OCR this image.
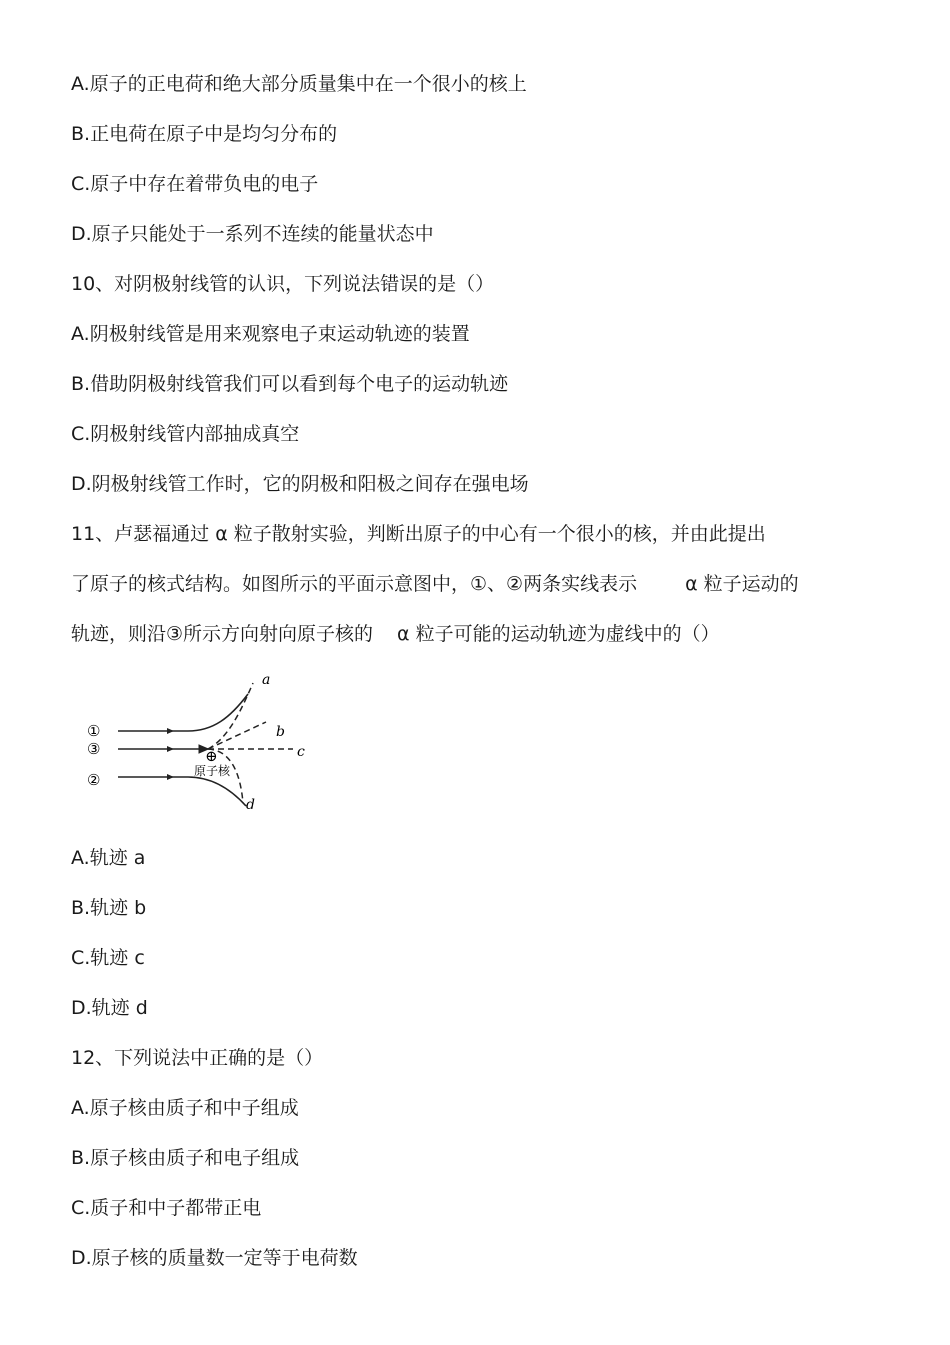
A.原子的正电荷和绝大部分质量集中在一个很小的核上
B.正电荷在原子中是均匀分布的
C.原子中存在着带负电的电子
D.原子只能处于一系列不连续的能量状态中
10、对阴极射线管的认识，下列说法错误的是（）
A.阴极射线管是用来观察电子束运动轨迹的装置
B.借助阴极射线管我们可以看到每个电子的运动轨迹
C.阴极射线管内部抽成真空
D.阴极射线管工作时，它的阴极和阳极之间存在强电场
11、卢瑟福通过 α 粒子散射实验，判断出原子的中心有一个很小的核，并由此提出
了原子的核式结构。如图所示的平面示意图中，①、②两条实线表示	α 粒子运动的
轨迹，则沿③所示方向射向原子核的 α 粒子可能的运动轨迹为虚线中的（）
①
③
②
a
b
c
d
⊕
原子核
A.轨迹 a
B.轨迹 b
C.轨迹 c
D.轨迹 d
12、下列说法中正确的是（）
A.原子核由质子和中子组成
B.原子核由质子和电子组成
C.质子和中子都带正电
D.原子核的质量数一定等于电荷数
